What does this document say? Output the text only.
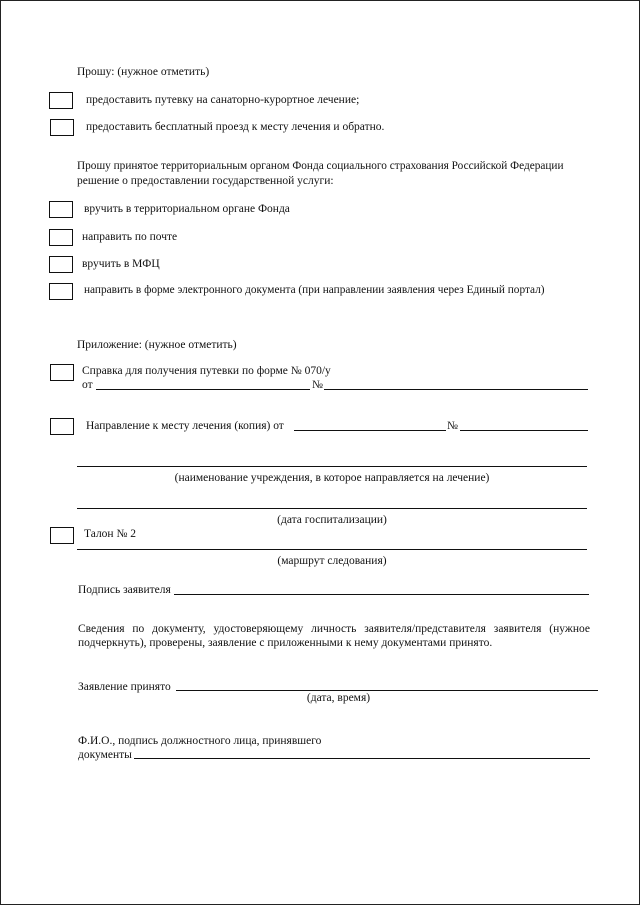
Прошу: (нужное отметить)
предоставить путевку на санаторно-курортное лечение;
предоставить бесплатный проезд к месту лечения и обратно.
Прошу принятое территориальным органом Фонда социального страхования Российской Федерации
решение о предоставлении государственной услуги:
вручить в территориальном органе Фонда
направить по почте
вручить в МФЦ
направить в форме электронного документа (при направлении заявления через Единый портал)
Приложение: (нужное отметить)
Справка для получения путевки по форме № 070/у
от	№
Направление к месту лечения (копия) от	№
(наименование учреждения, в которое направляется на лечение)
(дата госпитализации)
Талон № 2
(маршрут следования)
Подпись заявителя
Сведения по документу, удостоверяющему личность заявителя/представителя заявителя (нужное
подчеркнуть), проверены, заявление с приложенными к нему документами принято.
Заявление принято
(дата, время)
Ф.И.О., подпись должностного лица, принявшего
документы
